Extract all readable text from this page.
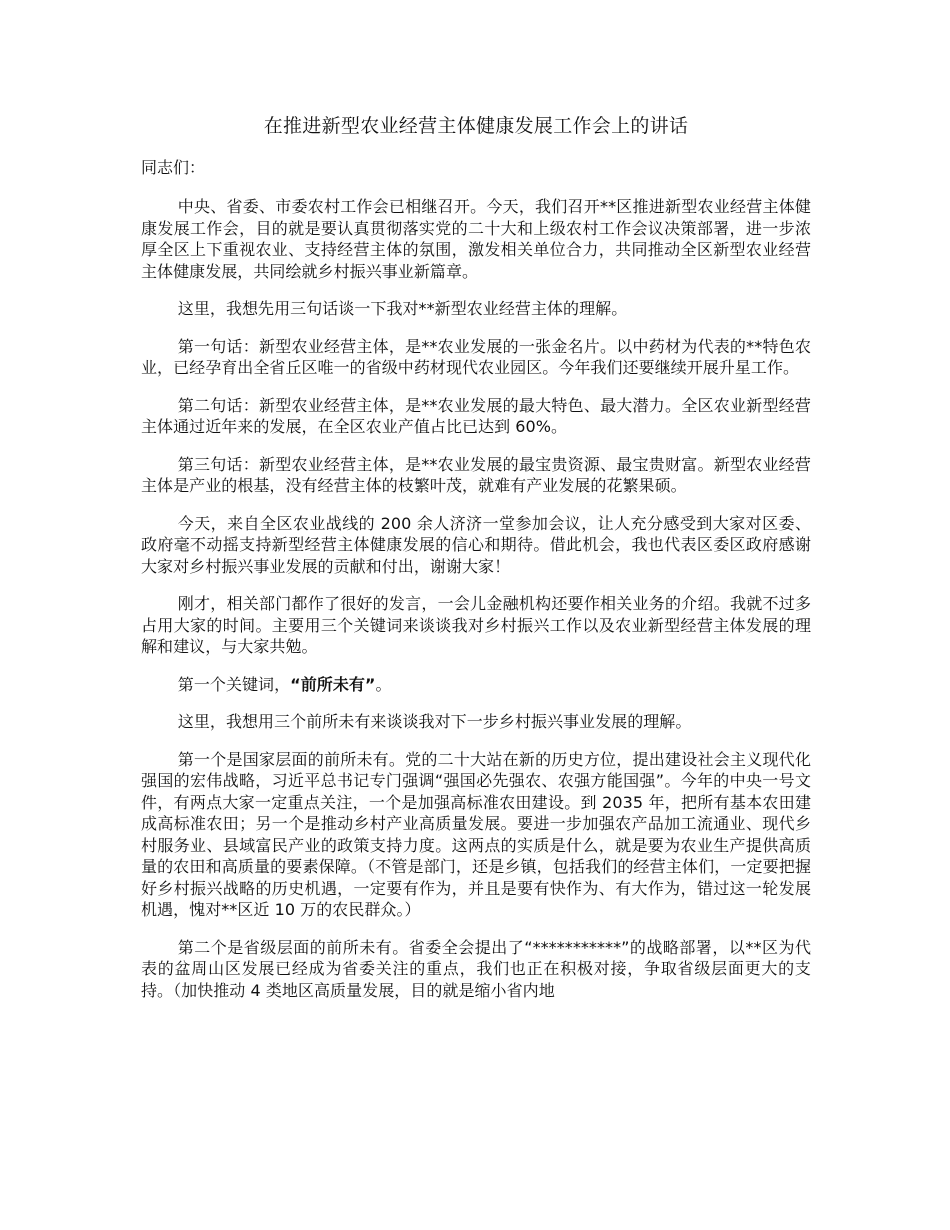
在推进新型农业经营主体健康发展工作会上的讲话

同志们：

中央、省委、市委农村工作会已相继召开。今天，我们召开**区推进新型农业经营主体健康发展工作会，目的就是要认真贯彻落实党的二十大和上级农村工作会议决策部署，进一步浓厚全区上下重视农业、支持经营主体的氛围，激发相关单位合力，共同推动全区新型农业经营主体健康发展，共同绘就乡村振兴事业新篇章。

这里，我想先用三句话谈一下我对**新型农业经营主体的理解。

第一句话：新型农业经营主体，是**农业发展的一张金名片。以中药材为代表的**特色农业，已经孕育出全省丘区唯一的省级中药材现代农业园区。今年我们还要继续开展升星工作。

第二句话：新型农业经营主体，是**农业发展的最大特色、最大潜力。全区农业新型经营主体通过近年来的发展，在全区农业产值占比已达到 60%。

第三句话：新型农业经营主体，是**农业发展的最宝贵资源、最宝贵财富。新型农业经营主体是产业的根基，没有经营主体的枝繁叶茂，就难有产业发展的花繁果硕。

今天，来自全区农业战线的 200 余人济济一堂参加会议，让人充分感受到大家对区委、政府毫不动摇支持新型经营主体健康发展的信心和期待。借此机会，我也代表区委区政府感谢大家对乡村振兴事业发展的贡献和付出，谢谢大家！

刚才，相关部门都作了很好的发言，一会儿金融机构还要作相关业务的介绍。我就不过多占用大家的时间。主要用三个关键词来谈谈我对乡村振兴工作以及农业新型经营主体发展的理解和建议，与大家共勉。

第一个关键词，“前所未有”。

这里，我想用三个前所未有来谈谈我对下一步乡村振兴事业发展的理解。

第一个是国家层面的前所未有。党的二十大站在新的历史方位，提出建设社会主义现代化强国的宏伟战略，习近平总书记专门强调“强国必先强农、农强方能国强”。今年的中央一号文件，有两点大家一定重点关注，一个是加强高标准农田建设。到 2035 年，把所有基本农田建成高标准农田；另一个是推动乡村产业高质量发展。要进一步加强农产品加工流通业、现代乡村服务业、县域富民产业的政策支持力度。这两点的实质是什么，就是要为农业生产提供高质量的农田和高质量的要素保障。（不管是部门，还是乡镇，包括我们的经营主体们，一定要把握好乡村振兴战略的历史机遇，一定要有作为，并且是要有快作为、有大作为，错过这一轮发展机遇，愧对**区近 10 万的农民群众。）

第二个是省级层面的前所未有。省委全会提出了“***********”的战略部署，以**区为代表的盆周山区发展已经成为省委关注的重点，我们也正在积极对接，争取省级层面更大的支持。（加快推动 4 类地区高质量发展，目的就是缩小省内地
